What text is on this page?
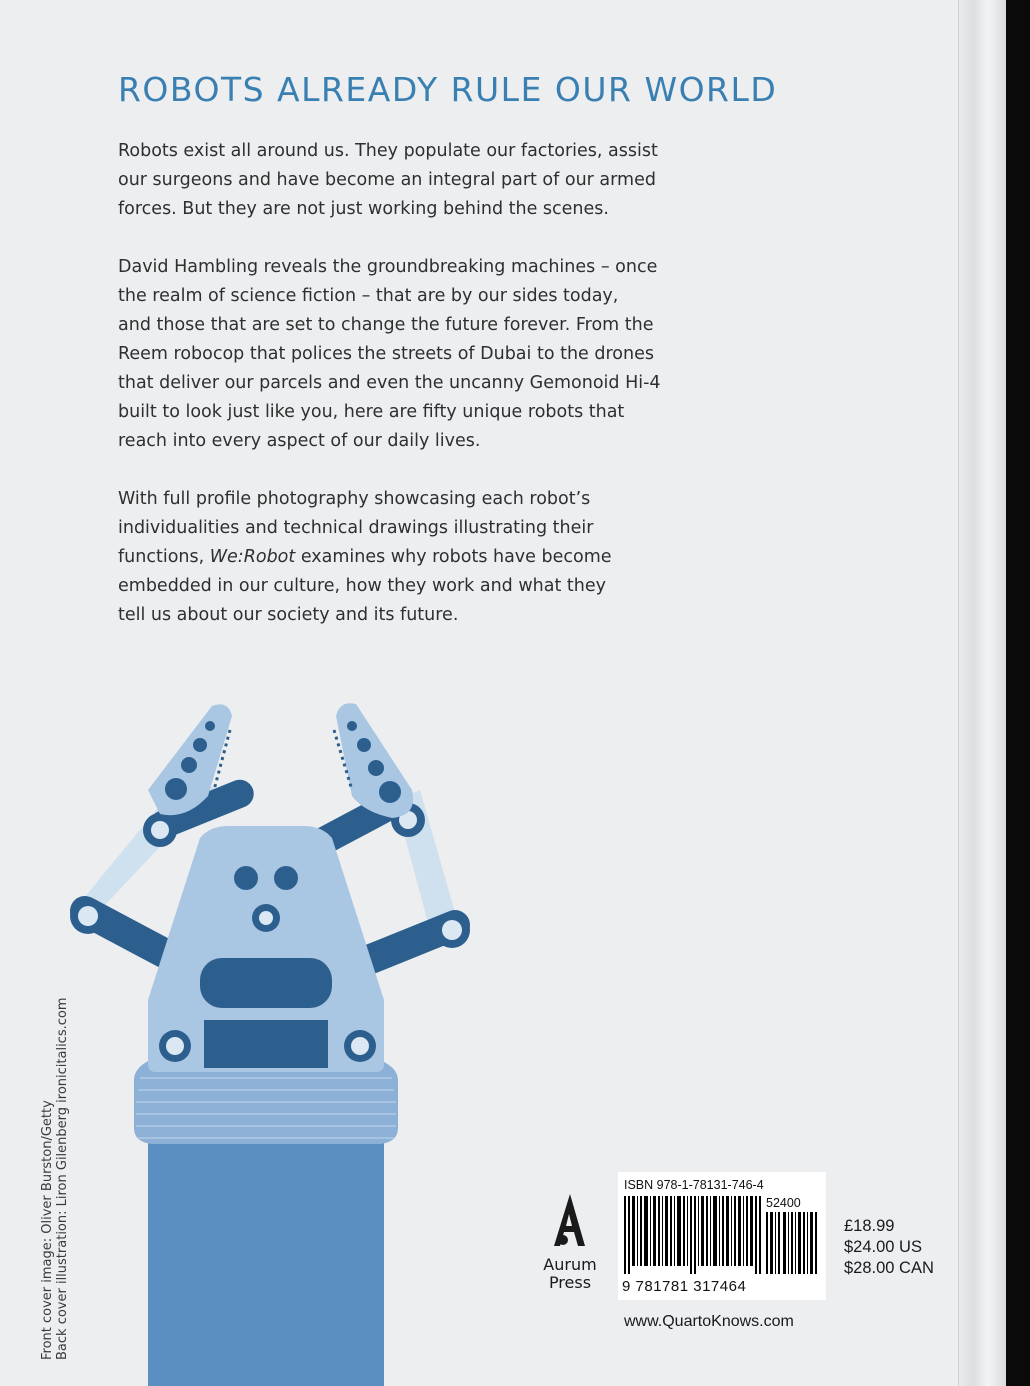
ROBOTS ALREADY RULE OUR WORLD

Robots exist all around us. They populate our factories, assist
our surgeons and have become an integral part of our armed
forces. But they are not just working behind the scenes.

David Hambling reveals the groundbreaking machines – once
the realm of science fiction – that are by our sides today,
and those that are set to change the future forever. From the
Reem robocop that polices the streets of Dubai to the drones
that deliver our parcels and even the uncanny Gemonoid Hi-4
built to look just like you, here are fifty unique robots that
reach into every aspect of our daily lives.

With full profile photography showcasing each robot’s
individualities and technical drawings illustrating their
functions, We:Robot examines why robots have become
embedded in our culture, how they work and what they
tell us about our society and its future.

Front cover image: Oliver Burston/Getty Back cover illustration: Liron Gilenberg ironicitalics.com	Aurum
Press
ISBN 978-1-78131-746-4
52400
9 781781 317464
£18.99
$24.00 US
$28.00 CAN
www.QuartoKnows.com
